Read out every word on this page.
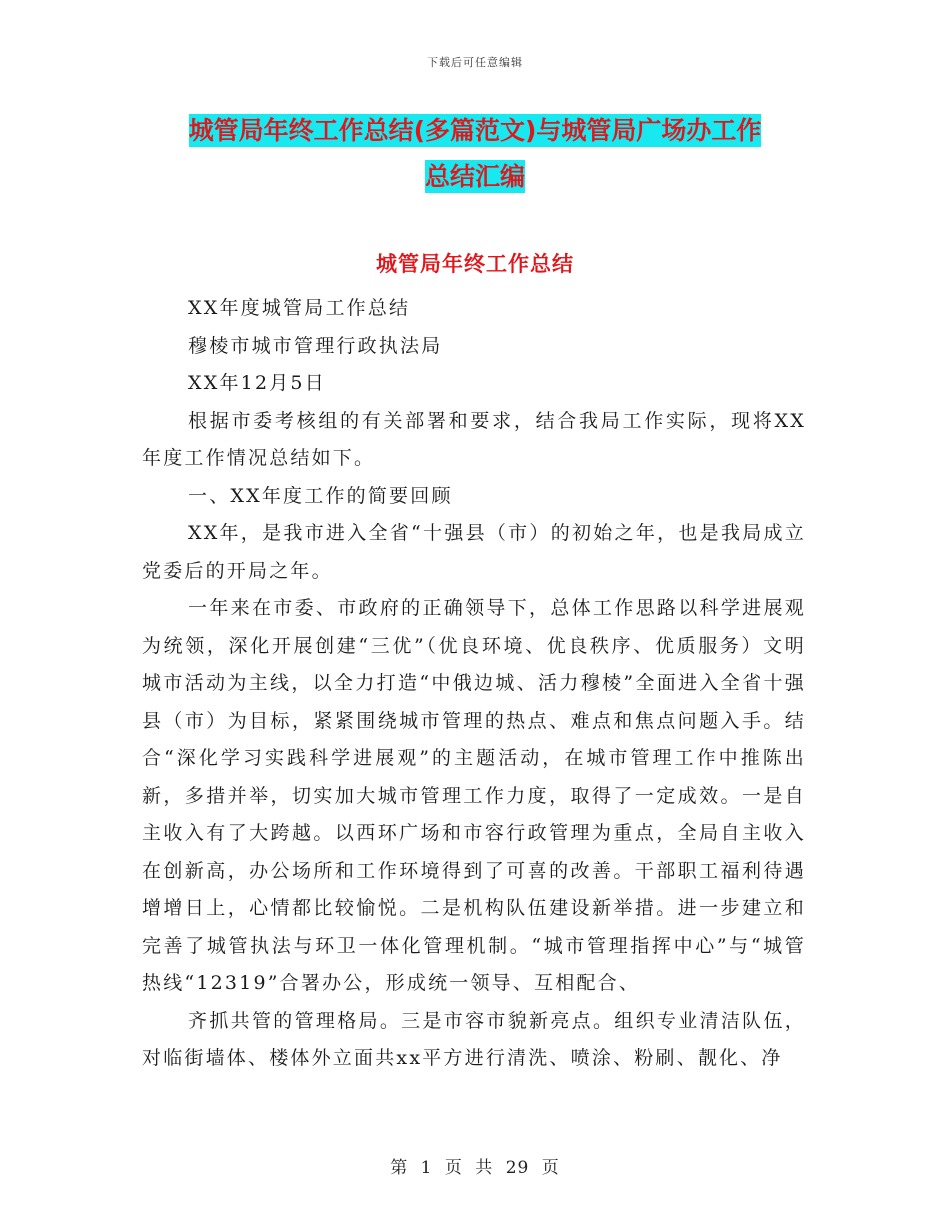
下载后可任意编辑
城管局年终工作总结(多篇范文)与城管局广场办工作
总结汇编
城管局年终工作总结

XX年度城管局工作总结

穆棱市城市管理行政执法局

XX年12月5日

根据市委考核组的有关部署和要求，结合我局工作实际，现将XX年度工作情况总结如下。

一、XX年度工作的简要回顾

XX年，是我市进入全省“十强县（市）的初始之年，也是我局成立党委后的开局之年。

一年来在市委、市政府的正确领导下，总体工作思路以科学进展观为统领，深化开展创建“三优”（优良环境、优良秩序、优质服务）文明城市活动为主线，以全力打造“中俄边城、活力穆棱”全面进入全省十强县（市）为目标，紧紧围绕城市管理的热点、难点和焦点问题入手。结合“深化学习实践科学进展观”的主题活动，在城市管理工作中推陈出新，多措并举，切实加大城市管理工作力度，取得了一定成效。一是自主收入有了大跨越。以西环广场和市容行政管理为重点，全局自主收入在创新高，办公场所和工作环境得到了可喜的改善。干部职工福利待遇增增日上，心情都比较愉悦。二是机构队伍建设新举措。进一步建立和完善了城管执法与环卫一体化管理机制。“城市管理指挥中心”与“城管热线“12319”合署办公，形成统一领导、互相配合、

齐抓共管的管理格局。三是市容市貌新亮点。组织专业清洁队伍，对临街墙体、楼体外立面共xx平方进行清洗、喷涂、粉刷、靓化、净

第 1 页 共 29 页
